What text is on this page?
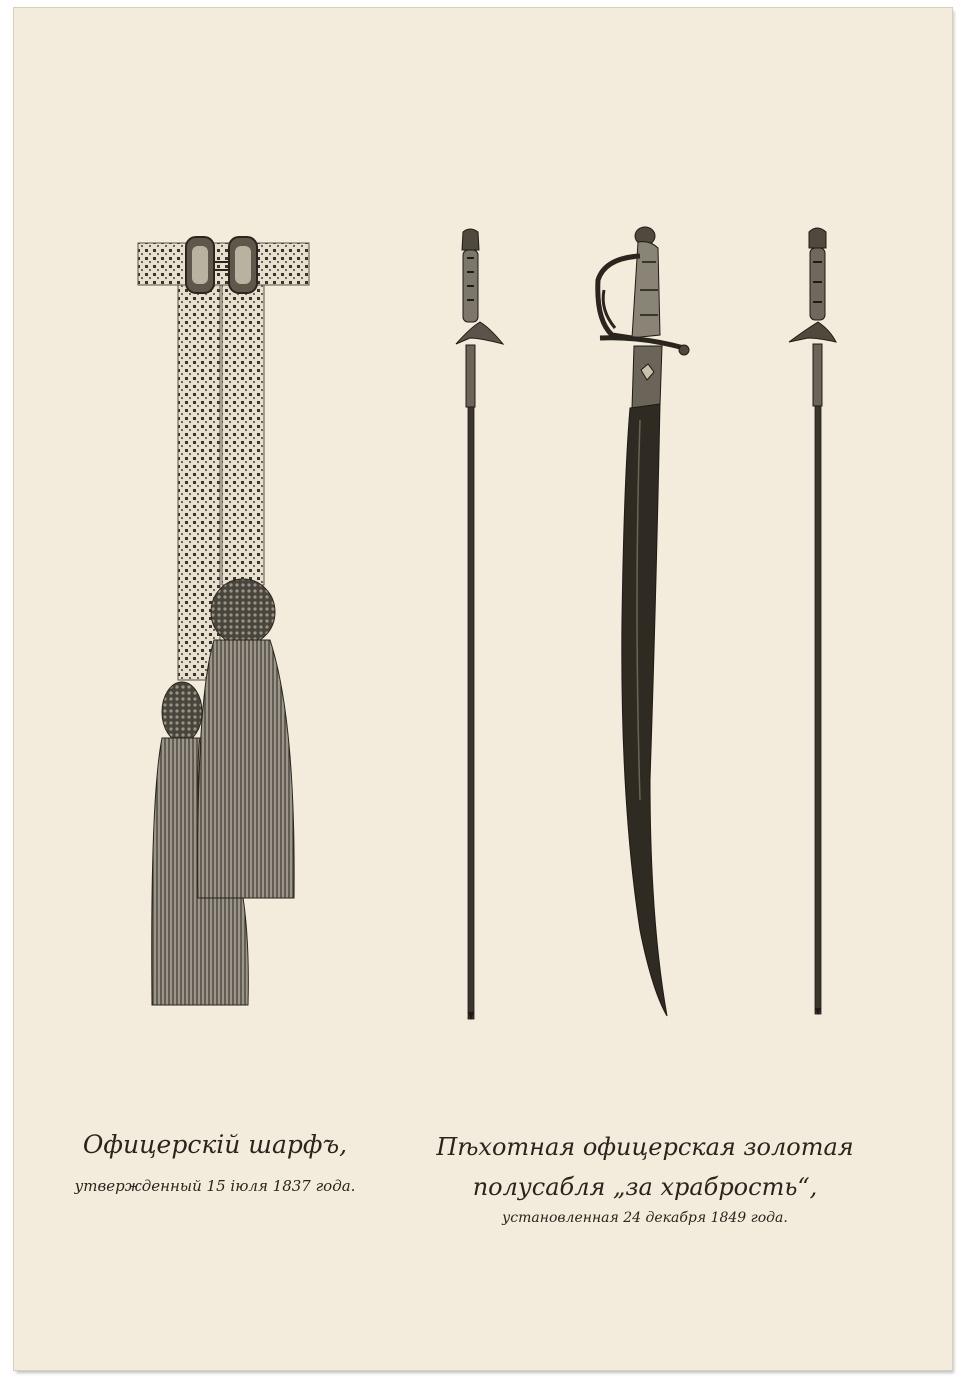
Офицерскій шарфъ,
утвержденный 15 іюля 1837 года.
Пѣхотная офицерская золотая
полусабля „за храбрость“,
установленная 24 декабря 1849 года.
